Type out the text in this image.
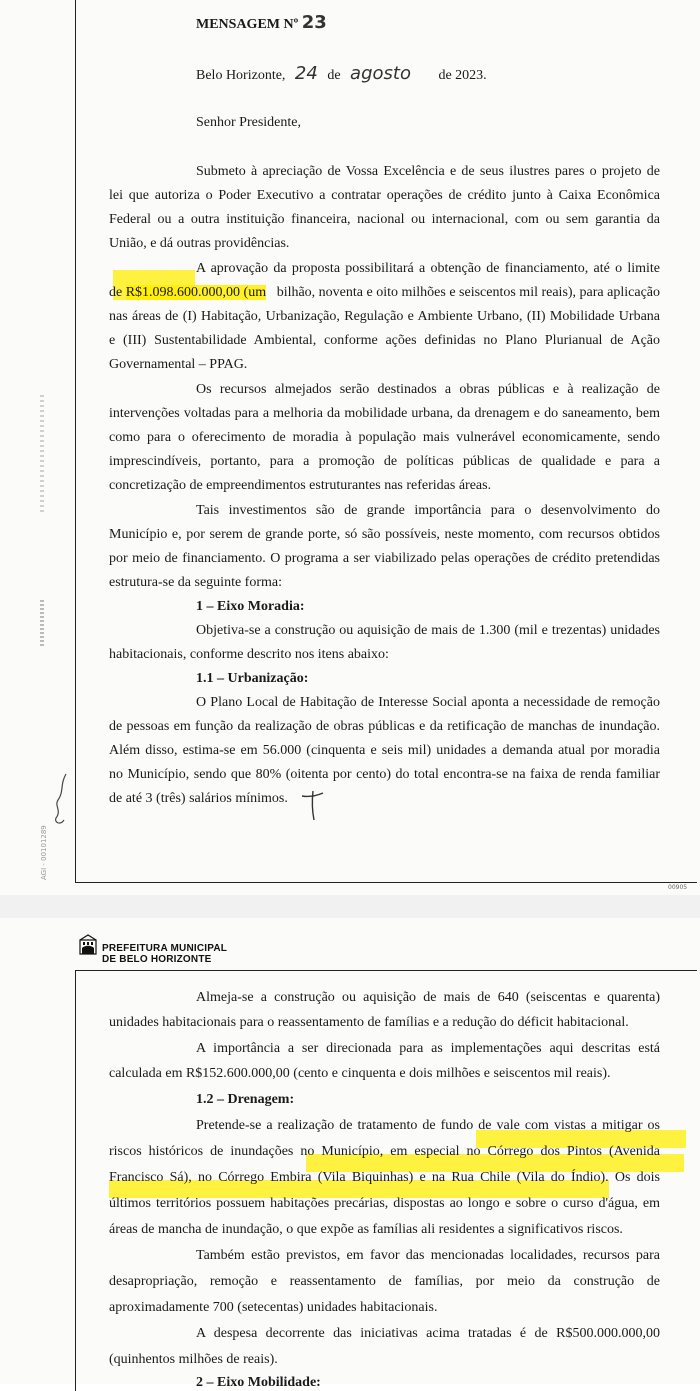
MENSAGEM Nº 23
Belo Horizonte, 24 de agosto de 2023.
Senhor Presidente,
Submeto à apreciação de Vossa Excelência e de seus ilustres pares o projeto de
lei que autoriza o Poder Executivo a contratar operações de crédito junto à Caixa Econômica
Federal ou a outra instituição financeira, nacional ou internacional, com ou sem garantia da
União, e dá outras providências.
A aprovação da proposta possibilitará a obtenção de financiamento, até o limite
de R$1.098.600.000,00 (um bilhão, noventa e oito milhões e seiscentos mil reais), para aplicação
nas áreas de (I) Habitação, Urbanização, Regulação e Ambiente Urbano, (II) Mobilidade Urbana
e (III) Sustentabilidade Ambiental, conforme ações definidas no Plano Plurianual de Ação
Governamental – PPAG.
Os recursos almejados serão destinados a obras públicas e à realização de
intervenções voltadas para a melhoria da mobilidade urbana, da drenagem e do saneamento, bem
como para o oferecimento de moradia à população mais vulnerável economicamente, sendo
imprescindíveis, portanto, para a promoção de políticas públicas de qualidade e para a
concretização de empreendimentos estruturantes nas referidas áreas.
Tais investimentos são de grande importância para o desenvolvimento do
Município e, por serem de grande porte, só são possíveis, neste momento, com recursos obtidos
por meio de financiamento. O programa a ser viabilizado pelas operações de crédito pretendidas
estrutura-se da seguinte forma:
1 – Eixo Moradia:
Objetiva-se a construção ou aquisição de mais de 1.300 (mil e trezentas) unidades
habitacionais, conforme descrito nos itens abaixo:
1.1 – Urbanização:
O Plano Local de Habitação de Interesse Social aponta a necessidade de remoção
de pessoas em função da realização de obras públicas e da retificação de manchas de inundação.
Além disso, estima-se em 56.000 (cinquenta e seis mil) unidades a demanda atual por moradia
no Município, sendo que 80% (oitenta por cento) do total encontra-se na faixa de renda familiar
de até 3 (três) salários mínimos.
AGI - 00101289
00905
PREFEITURA MUNICIPAL
DE BELO HORIZONTE
Almeja-se a construção ou aquisição de mais de 640 (seiscentas e quarenta)
unidades habitacionais para o reassentamento de famílias e a redução do déficit habitacional.
A importância a ser direcionada para as implementações aqui descritas está
calculada em R$152.600.000,00 (cento e cinquenta e dois milhões e seiscentos mil reais).
1.2 – Drenagem:
Pretende-se a realização de tratamento de fundo de vale com vistas a mitigar os
riscos históricos de inundações no Município, em especial no Córrego dos Pintos (Avenida
Francisco Sá), no Córrego Embira (Vila Biquinhas) e na Rua Chile (Vila do Índio). Os dois
últimos territórios possuem habitações precárias, dispostas ao longo e sobre o curso d'água, em
áreas de mancha de inundação, o que expõe as famílias ali residentes a significativos riscos.
Também estão previstos, em favor das mencionadas localidades, recursos para
desapropriação, remoção e reassentamento de famílias, por meio da construção de
aproximadamente 700 (setecentas) unidades habitacionais.
A despesa decorrente das iniciativas acima tratadas é de R$500.000.000,00
(quinhentos milhões de reais).
2 – Eixo Mobilidade:
